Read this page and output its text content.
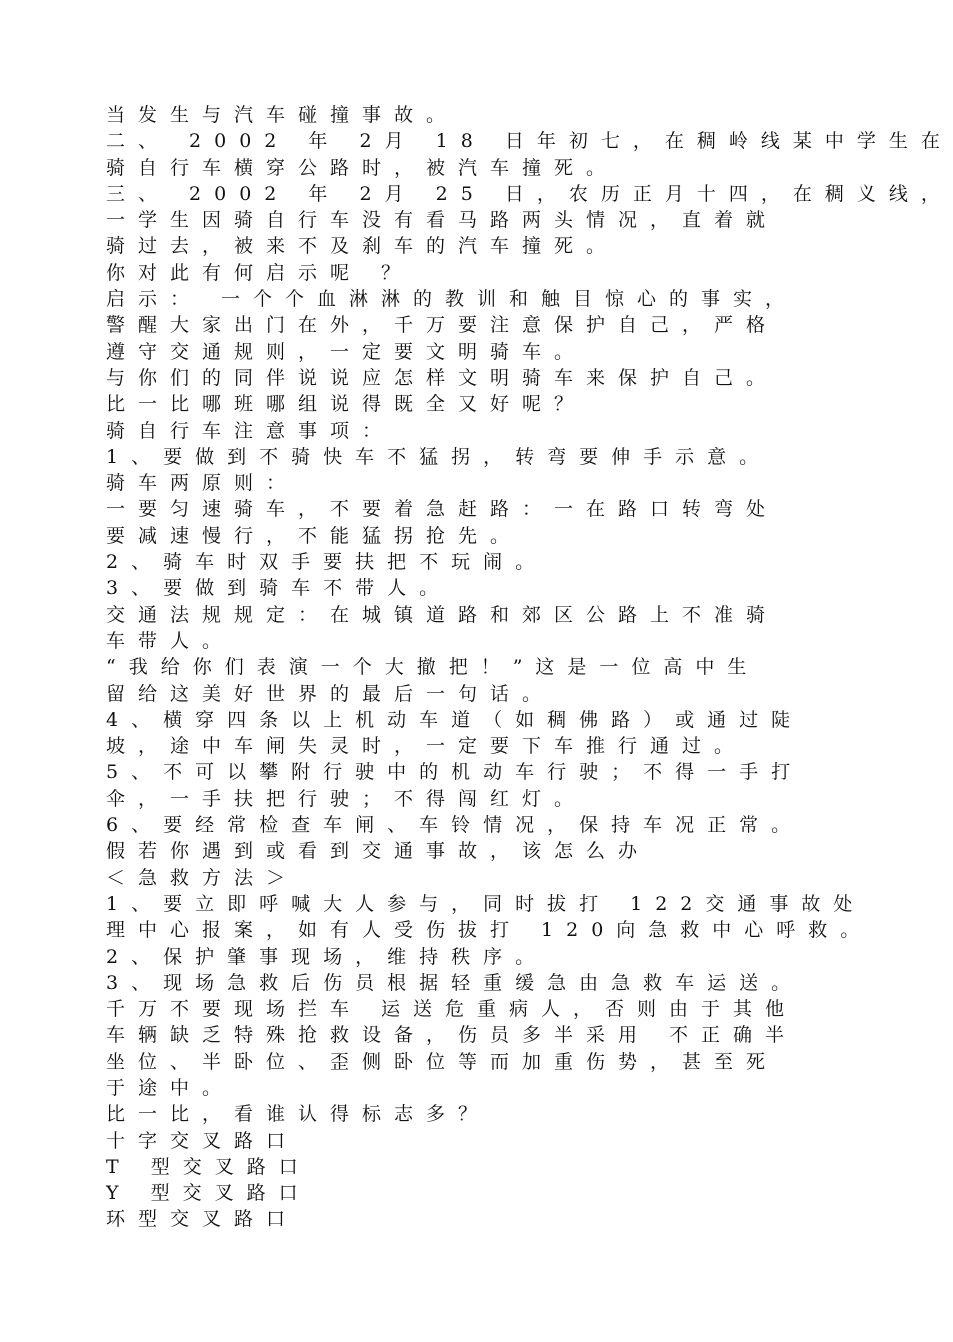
当发生与汽车碰撞事故。
二、 2002 年 2月 18 日年初七，在稠岭线某中学生在
骑自行车横穿公路时，被汽车撞死。
三、 2002 年 2月 25 日，农历正月十四，在稠义线，
一学生因骑自行车没有看马路两头情况，直着就
骑过去，被来不及刹车的汽车撞死。
你对此有何启示呢 ？
启示： 一个个血淋淋的教训和触目惊心的事实，
警醒大家出门在外，千万要注意保护自己，严格
遵守交通规则，一定要文明骑车。
与你们的同伴说说应怎样文明骑车来保护自己。
比一比哪班哪组说得既全又好呢？
骑自行车注意事项：
1、要做到不骑快车不猛拐，转弯要伸手示意。
骑车两原则：
一要匀速骑车，不要着急赶路：一在路口转弯处
要减速慢行，不能猛拐抢先。
2、骑车时双手要扶把不玩闹。
3、要做到骑车不带人。
交通法规规定：在城镇道路和郊区公路上不准骑
车带人。
“我给你们表演一个大撤把！”这是一位高中生
留给这美好世界的最后一句话。
4、横穿四条以上机动车道（如稠佛路）或通过陡
坡，途中车闸失灵时，一定要下车推行通过。
5、不可以攀附行驶中的机动车行驶；不得一手打
伞，一手扶把行驶；不得闯红灯。
6、要经常检查车闸、车铃情况，保持车况正常。
假若你遇到或看到交通事故，该怎么办
＜急救方法＞
1、要立即呼喊大人参与，同时拔打 122交通事故处
理中心报案，如有人受伤拔打 120向急救中心呼救。
2、保护肇事现场，维持秩序。
3、现场急救后伤员根据轻重缓急由急救车运送。
千万不要现场拦车 运送危重病人，否则由于其他
车辆缺乏特殊抢救设备，伤员多半采用 不正确半
坐位、半卧位、歪侧卧位等而加重伤势，甚至死
于途中。
比一比，看谁认得标志多？
十字交叉路口
T 型交叉路口
Y 型交叉路口
环型交叉路口
